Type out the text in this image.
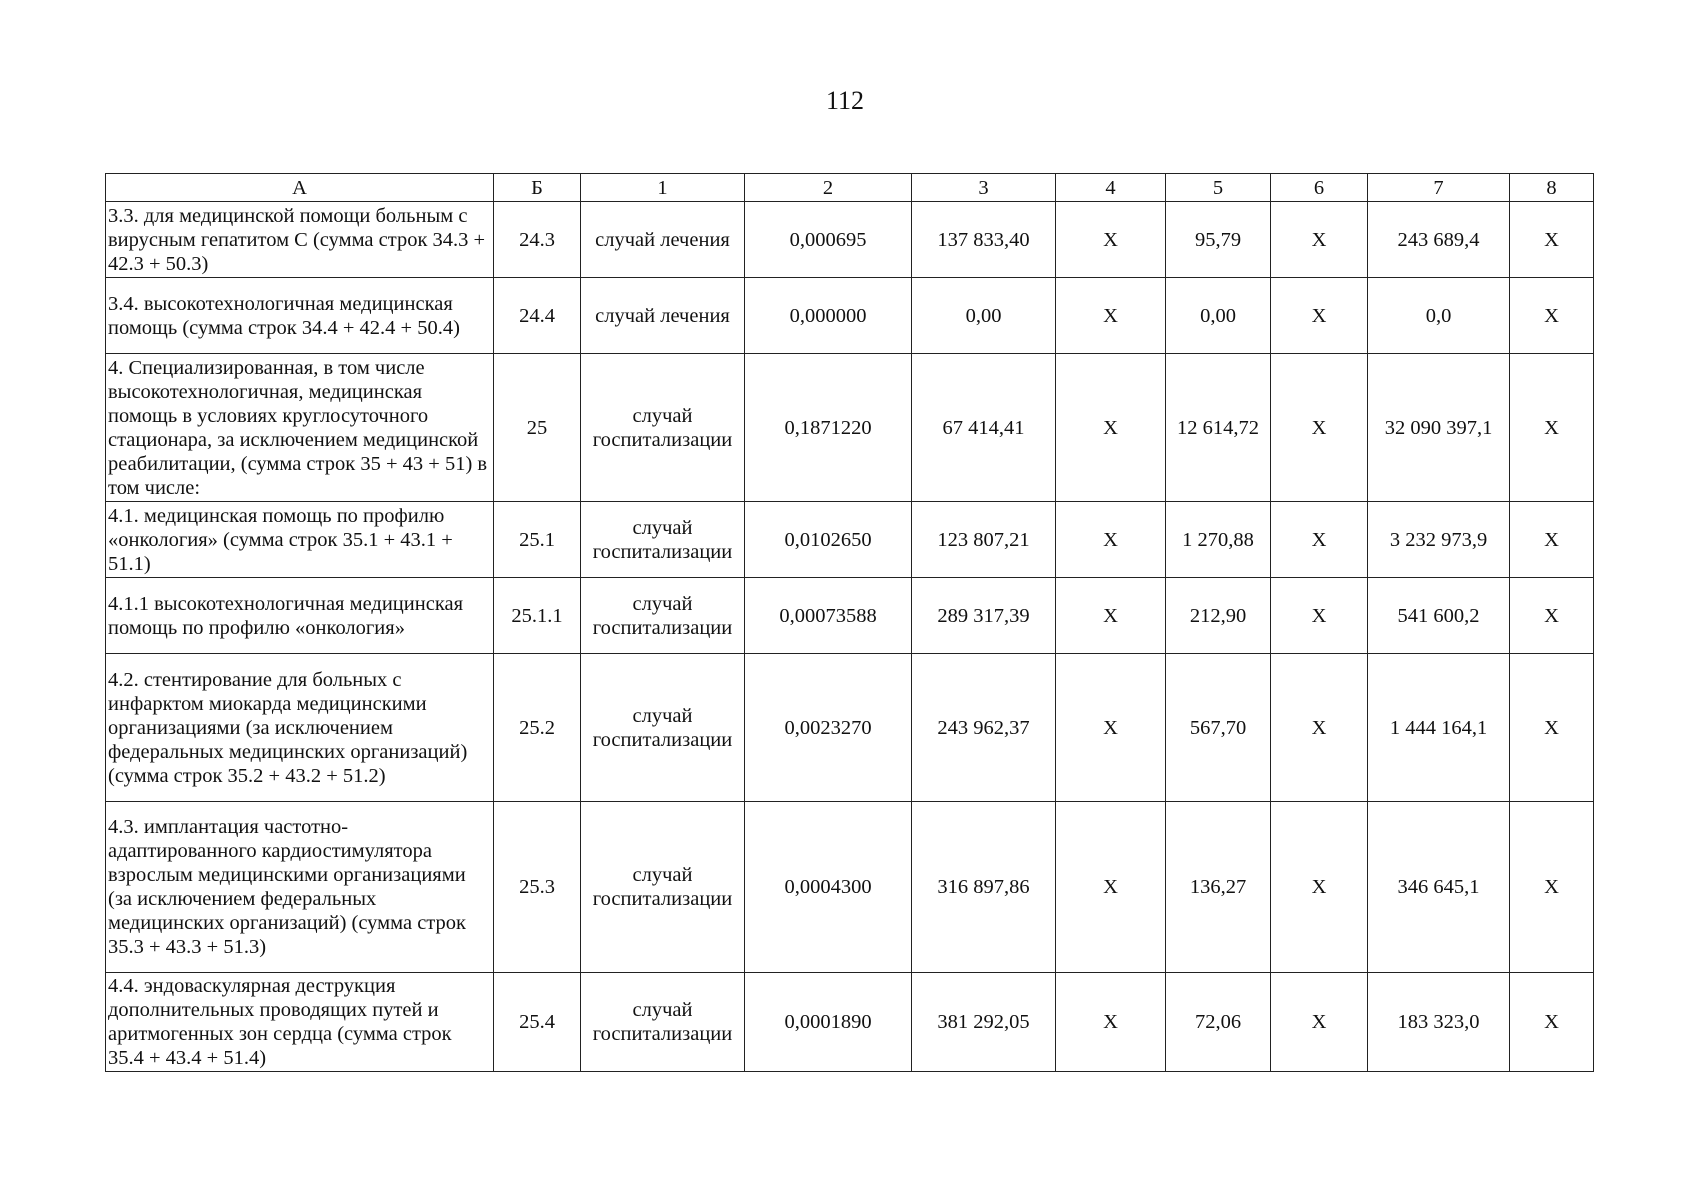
112
А	Б	1	2	3	4	5	6	7	8
3.3. для медицинской помощи больным с вирусным гепатитом С (сумма строк 34.3 + 42.3 + 50.3)	24.3	случай лечения	0,000695	137 833,40	Х	95,79	Х	243 689,4	Х
3.4. высокотехнологичная медицинская помощь (сумма строк 34.4 + 42.4 + 50.4)	24.4	случай лечения	0,000000	0,00	Х	0,00	Х	0,0	Х
4. Специализированная, в том числе высокотехнологичная, медицинская помощь в условиях круглосуточного стационара, за исключением медицинской реабилитации, (сумма строк 35 + 43 + 51) в том числе:	25	случай госпитализации	0,1871220	67 414,41	Х	12 614,72	Х	32 090 397,1	Х
4.1. медицинская помощь по профилю «онкология» (сумма строк 35.1 + 43.1 + 51.1)	25.1	случай госпитализации	0,0102650	123 807,21	Х	1 270,88	Х	3 232 973,9	Х
4.1.1 высокотехнологичная медицинская помощь по профилю «онкология»	25.1.1	случай госпитализации	0,00073588	289 317,39	Х	212,90	Х	541 600,2	Х
4.2. стентирование для больных с инфарктом миокарда медицинскими организациями (за исключением федеральных медицинских организаций) (сумма строк 35.2 + 43.2 + 51.2)	25.2	случай госпитализации	0,0023270	243 962,37	Х	567,70	Х	1 444 164,1	Х
4.3. имплантация частотно-адаптированного кардиостимулятора взрослым медицинскими организациями (за исключением федеральных медицинских организаций) (сумма строк 35.3 + 43.3 + 51.3)	25.3	случай госпитализации	0,0004300	316 897,86	Х	136,27	Х	346 645,1	Х
4.4. эндоваскулярная деструкция дополнительных проводящих путей и аритмогенных зон сердца (сумма строк 35.4 + 43.4 + 51.4)	25.4	случай госпитализации	0,0001890	381 292,05	Х	72,06	Х	183 323,0	Х
